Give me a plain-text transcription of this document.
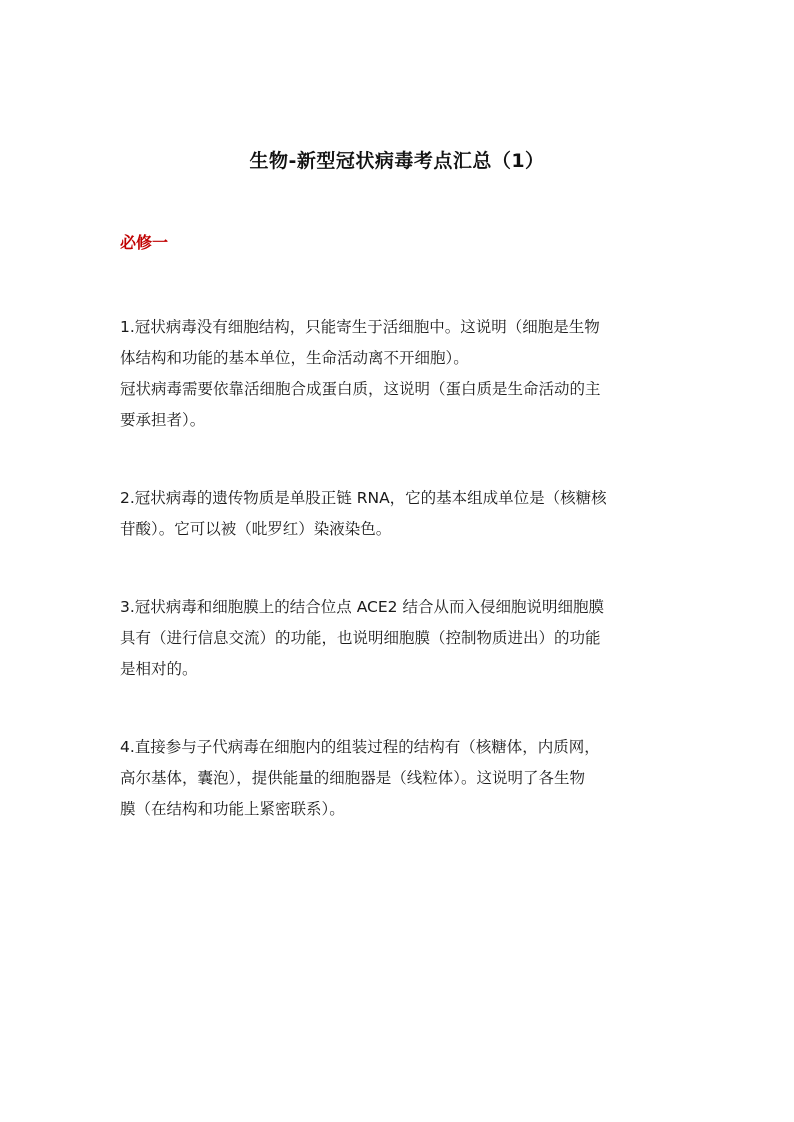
生物-新型冠状病毒考点汇总（1）
必修一

1.冠状病毒没有细胞结构，只能寄生于活细胞中。这说明（细胞是生物
体结构和功能的基本单位，生命活动离不开细胞）。
冠状病毒需要依靠活细胞合成蛋白质，这说明（蛋白质是生命活动的主
要承担者）。

2.冠状病毒的遗传物质是单股正链 RNA，它的基本组成单位是（核糖核
苷酸）。它可以被（吡罗红）染液染色。

3.冠状病毒和细胞膜上的结合位点 ACE2 结合从而入侵细胞说明细胞膜
具有（进行信息交流）的功能，也说明细胞膜（控制物质进出）的功能
是相对的。

4.直接参与子代病毒在细胞内的组装过程的结构有（核糖体，内质网，
高尔基体，囊泡），提供能量的细胞器是（线粒体）。这说明了各生物
膜（在结构和功能上紧密联系）。
